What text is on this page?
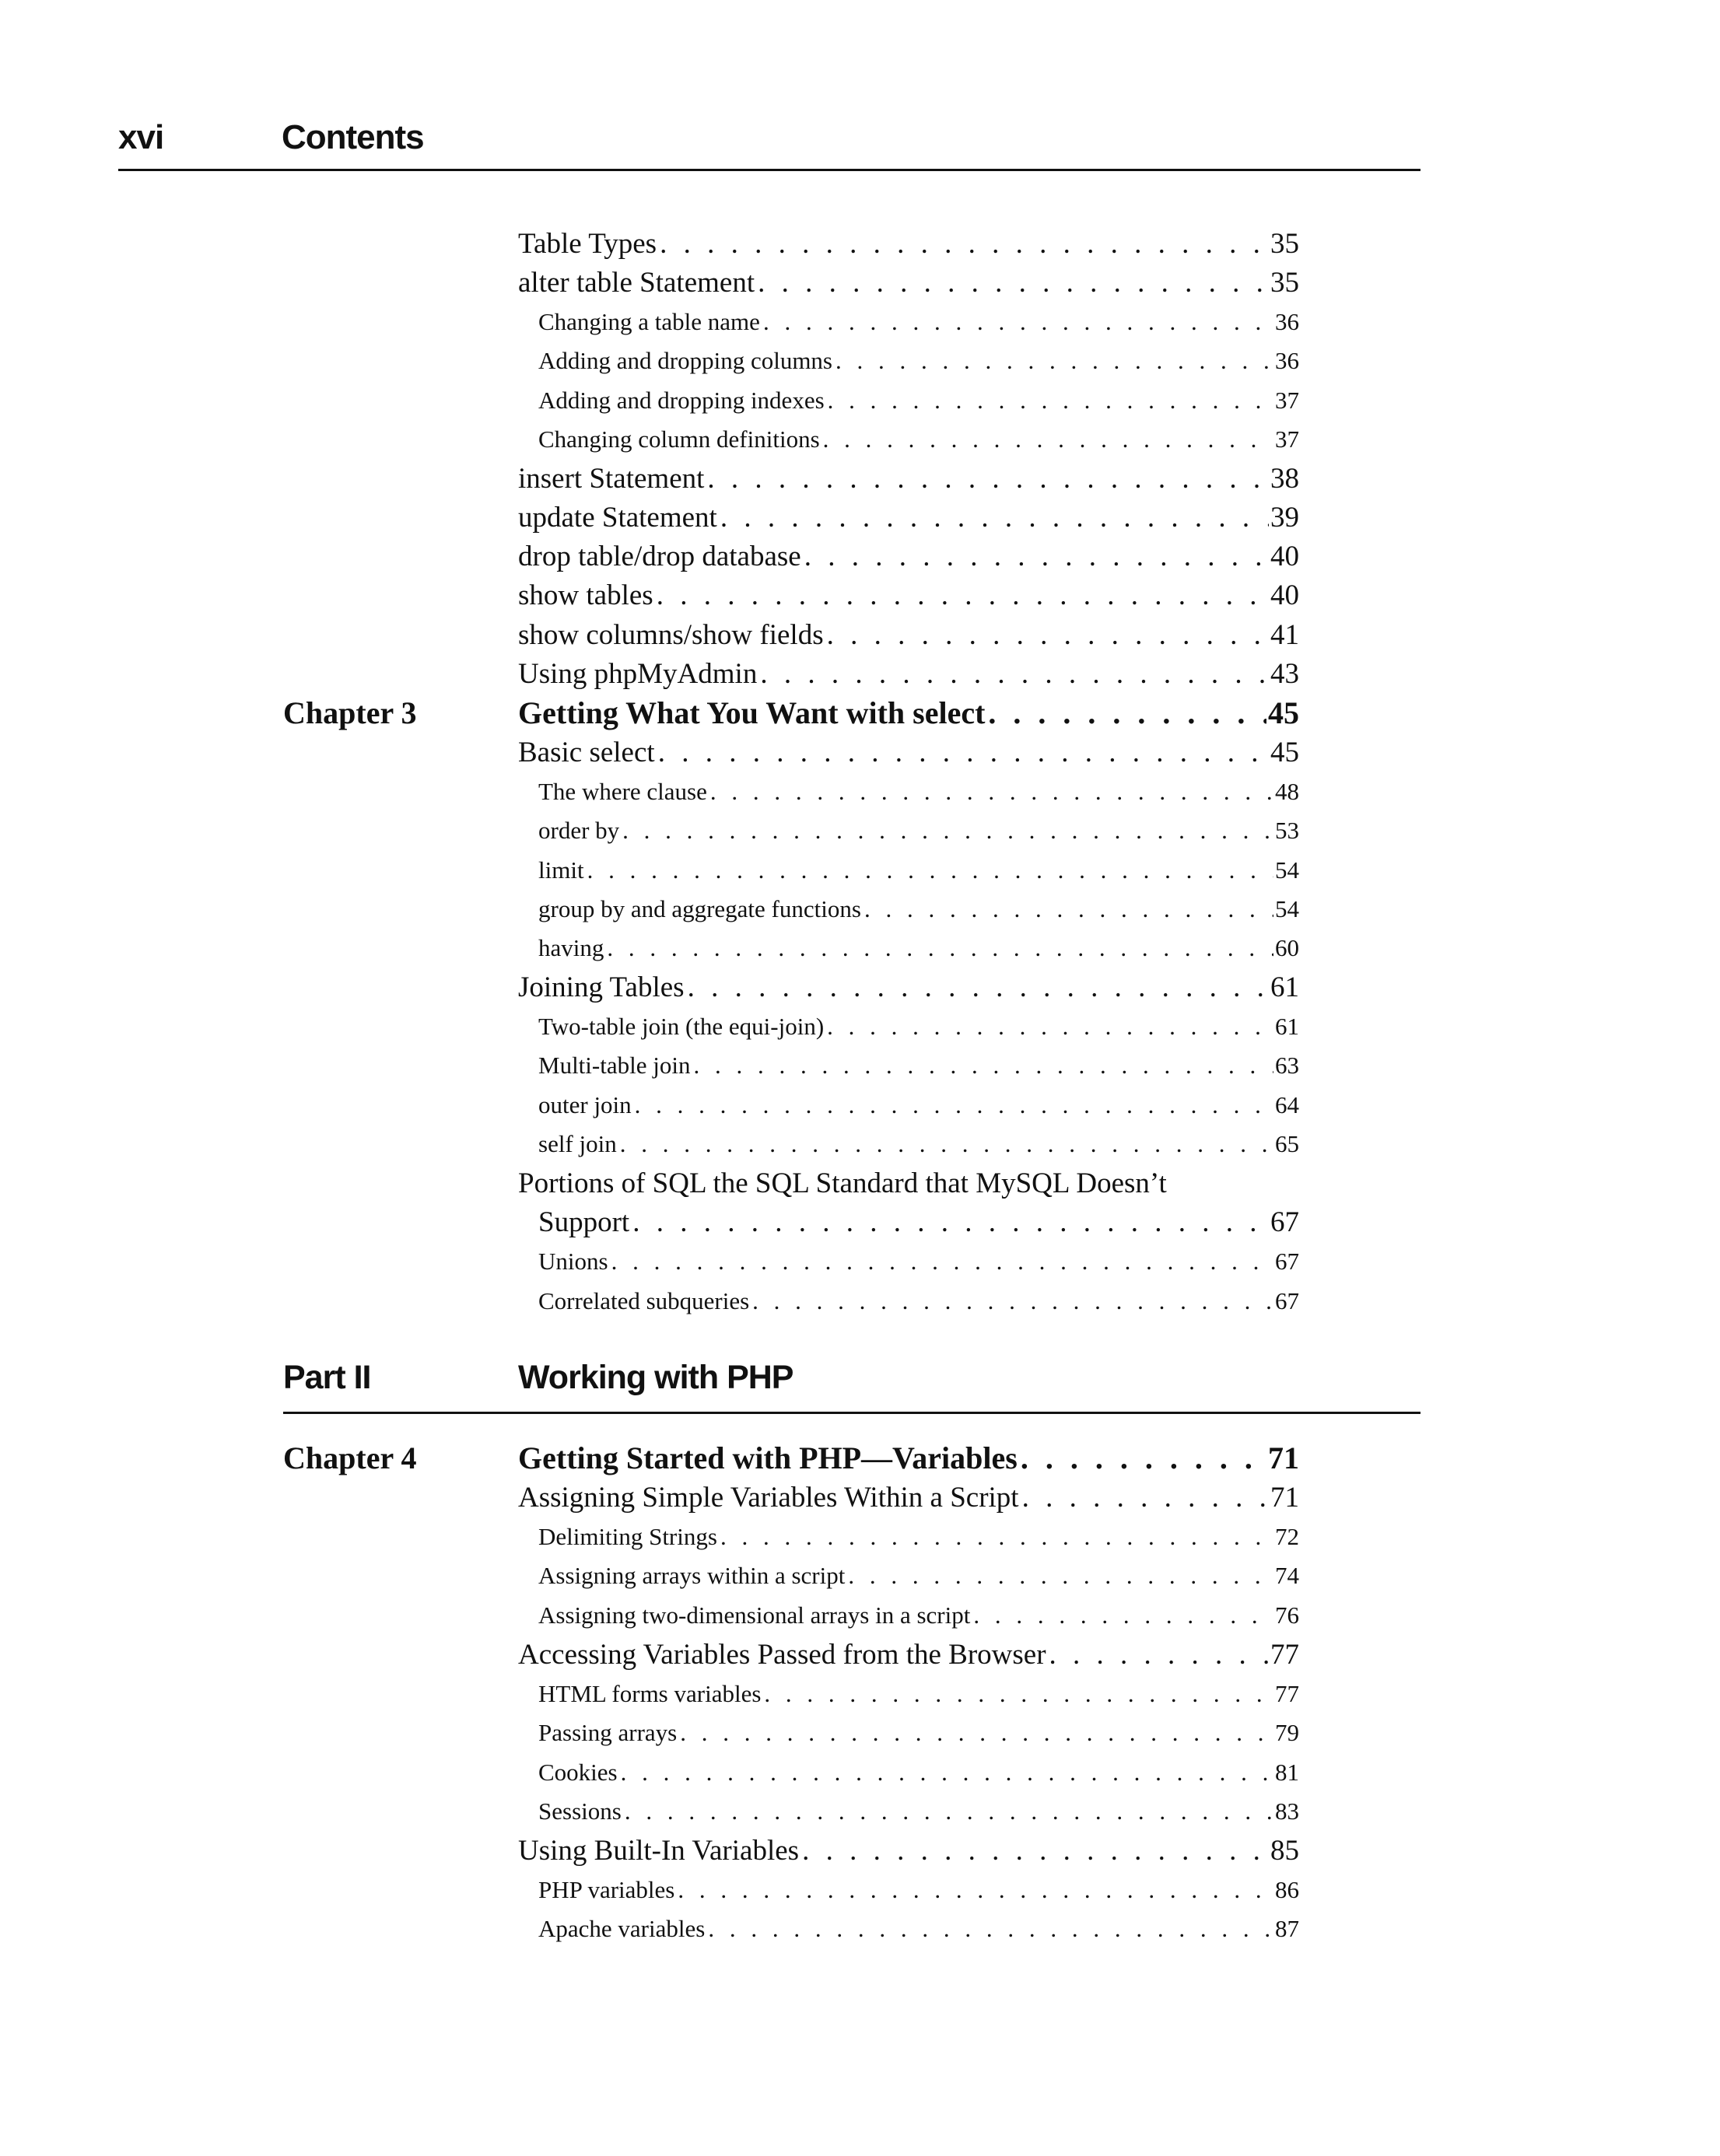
xvi	Contents
Table Types . . .	35
alter table Statement . . .	35
Changing a table name . . .	36
Adding and dropping columns . . .	36
Adding and dropping indexes . . .	37
Changing column definitions . . .	37
insert Statement . . .	38
update Statement . . .	39
drop table/drop database . . .	40
show tables . . .	40
show columns/show fields . . .	41
Using phpMyAdmin . . .	43
Chapter 3	Getting What You Want with select . . .	45
Basic select . . .	45
The where clause . . .	48
order by . . .	53
limit . . .	54
group by and aggregate functions . . .	54
having . . .	60
Joining Tables . . .	61
Two-table join (the equi-join) . . .	61
Multi-table join . . .	63
outer join . . .	64
self join . . .	65
Portions of SQL the SQL Standard that MySQL Doesn’t
Support . . .	67
Unions . . .	67
Correlated subqueries . . .	67
Part II	Working with PHP
Chapter 4	Getting Started with PHP—Variables . . .	71
Assigning Simple Variables Within a Script . . .	71
Delimiting Strings . . .	72
Assigning arrays within a script . . .	74
Assigning two-dimensional arrays in a script . . .	76
Accessing Variables Passed from the Browser . . .	77
HTML forms variables . . .	77
Passing arrays . . .	79
Cookies . . .	81
Sessions . . .	83
Using Built-In Variables . . .	85
PHP variables . . .	86
Apache variables . . .	87
